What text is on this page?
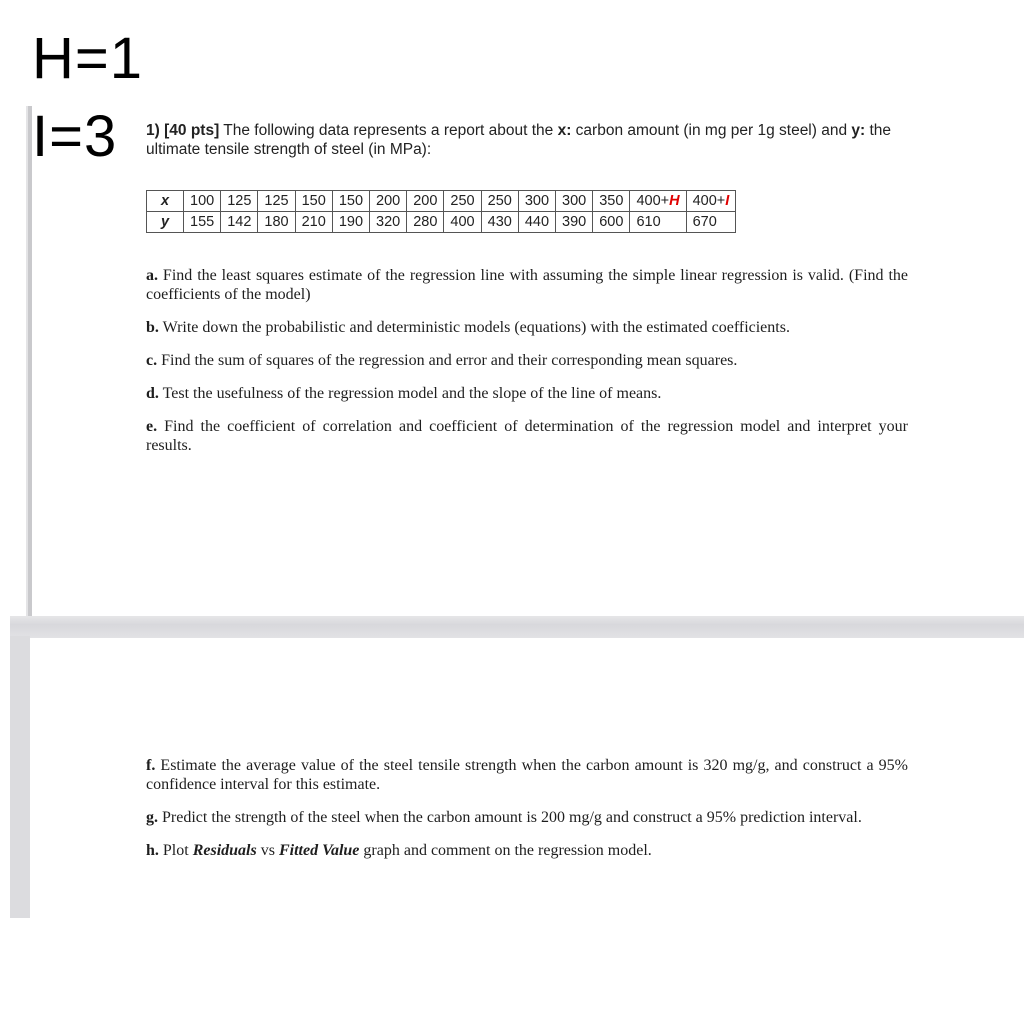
H=1
I=3 1) [40 pts] The following data represents a report about the x: carbon amount (in mg per 1g steel) and y: the ultimate tensile strength of steel (in MPa):
x	100	125	125	150	150	200	200	250	250	300	300	350	400+H	400+I
y	155	142	180	210	190	320	280	400	430	440	390	600	610	670
a. Find the least squares estimate of the regression line with assuming the simple linear regression is valid. (Find the coefficients of the model)
b. Write down the probabilistic and deterministic models (equations) with the estimated coefficients.
c. Find the sum of squares of the regression and error and their corresponding mean squares.
d. Test the usefulness of the regression model and the slope of the line of means.
e. Find the coefficient of correlation and coefficient of determination of the regression model and interpret your results.
f. Estimate the average value of the steel tensile strength when the carbon amount is 320 mg/g, and construct a 95% confidence interval for this estimate.
g. Predict the strength of the steel when the carbon amount is 200 mg/g and construct a 95% prediction interval.
h. Plot Residuals vs Fitted Value graph and comment on the regression model.
